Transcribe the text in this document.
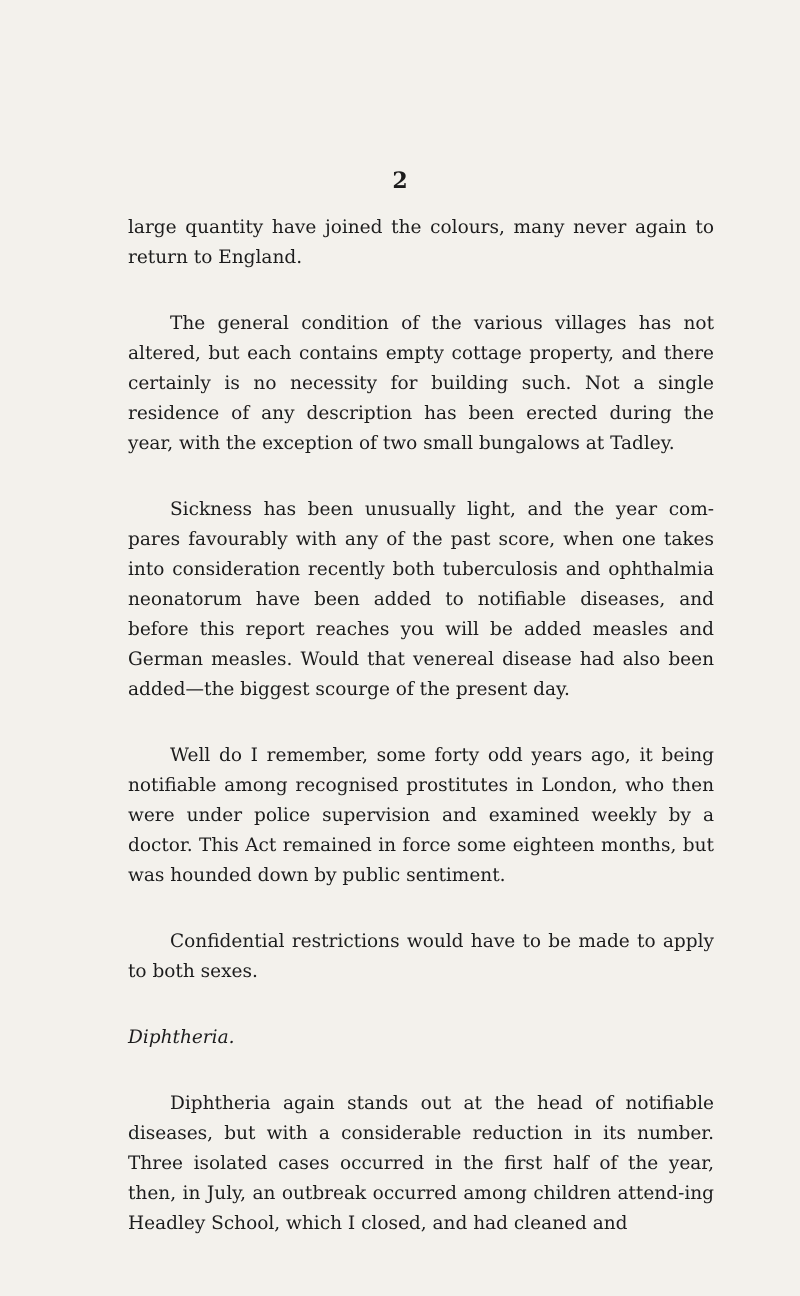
2

large quantity have joined the colours, many never again to return to England.

The general condition of the various villages has not altered, but each contains empty cottage property, and there certainly is no necessity for building such. Not a single residence of any description has been erected during the year, with the exception of two small bungalows at Tadley.

Sickness has been unusually light, and the year com-pares favourably with any of the past score, when one takes into consideration recently both tuberculosis and ophthalmia neonatorum have been added to notifiable diseases, and before this report reaches you will be added measles and German measles. Would that venereal disease had also been added—the biggest scourge of the present day.

Well do I remember, some forty odd years ago, it being notifiable among recognised prostitutes in London, who then were under police supervision and examined weekly by a doctor. This Act remained in force some eighteen months, but was hounded down by public sentiment.

Confidential restrictions would have to be made to apply to both sexes.

Diphtheria.

Diphtheria again stands out at the head of notifiable diseases, but with a considerable reduction in its number. Three isolated cases occurred in the first half of the year, then, in July, an outbreak occurred among children attend-ing Headley School, which I closed, and had cleaned and
